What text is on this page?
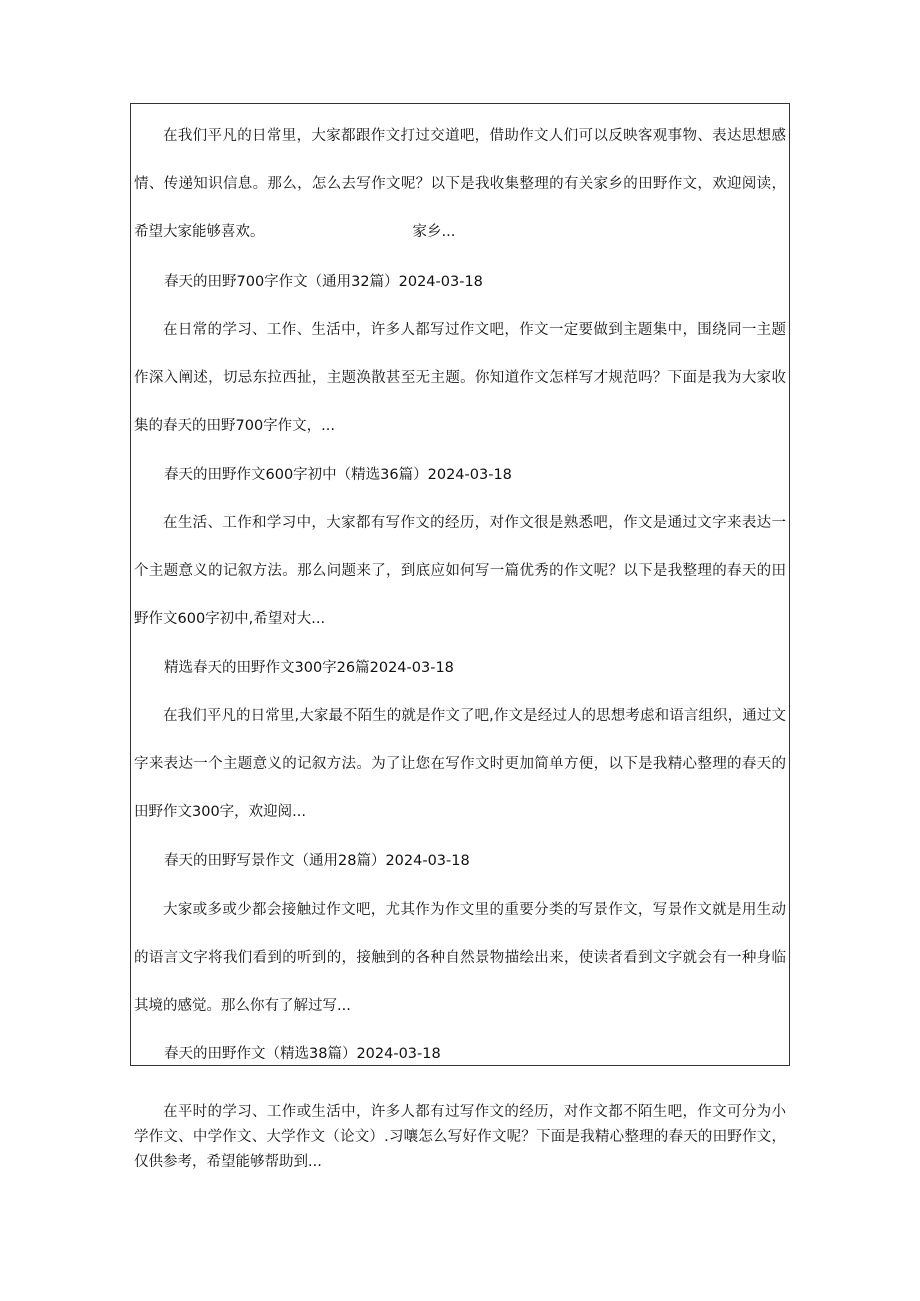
在我们平凡的日常里，大家都跟作文打过交道吧，借助作文人们可以反映客观事物、表达思想感情、传递知识信息。那么，怎么去写作文呢？以下是我收集整理的有关家乡的田野作文，欢迎阅读，希望大家能够喜欢。	家乡...

春天的田野700字作文（通用32篇）2024-03-18

在日常的学习、工作、生活中，许多人都写过作文吧，作文一定要做到主题集中，围绕同一主题作深入阐述，切忌东拉西扯，主题涣散甚至无主题。你知道作文怎样写才规范吗？下面是我为大家收集的春天的田野700字作文，...

春天的田野作文600字初中（精选36篇）2024-03-18

在生活、工作和学习中，大家都有写作文的经历，对作文很是熟悉吧，作文是通过文字来表达一个主题意义的记叙方法。那么问题来了，到底应如何写一篇优秀的作文呢？以下是我整理的春天的田野作文600字初中,希望对大...

精选春天的田野作文300字26篇2024-03-18

在我们平凡的日常里,大家最不陌生的就是作文了吧,作文是经过人的思想考虑和语言组织，通过文字来表达一个主题意义的记叙方法。为了让您在写作文时更加简单方便，以下是我精心整理的春天的田野作文300字，欢迎阅...

春天的田野写景作文（通用28篇）2024-03-18

大家或多或少都会接触过作文吧，尤其作为作文里的重要分类的写景作文，写景作文就是用生动的语言文字将我们看到的听到的，接触到的各种自然景物描绘出来，使读者看到文字就会有一种身临其境的感觉。那么你有了解过写...

春天的田野作文（精选38篇）2024-03-18

在平时的学习、工作或生活中，许多人都有过写作文的经历，对作文都不陌生吧，作文可分为小学作文、中学作文、大学作文（论文）.习嚷怎么写好作文呢？下面是我精心整理的春天的田野作文，仅供参考，希望能够帮助到...
